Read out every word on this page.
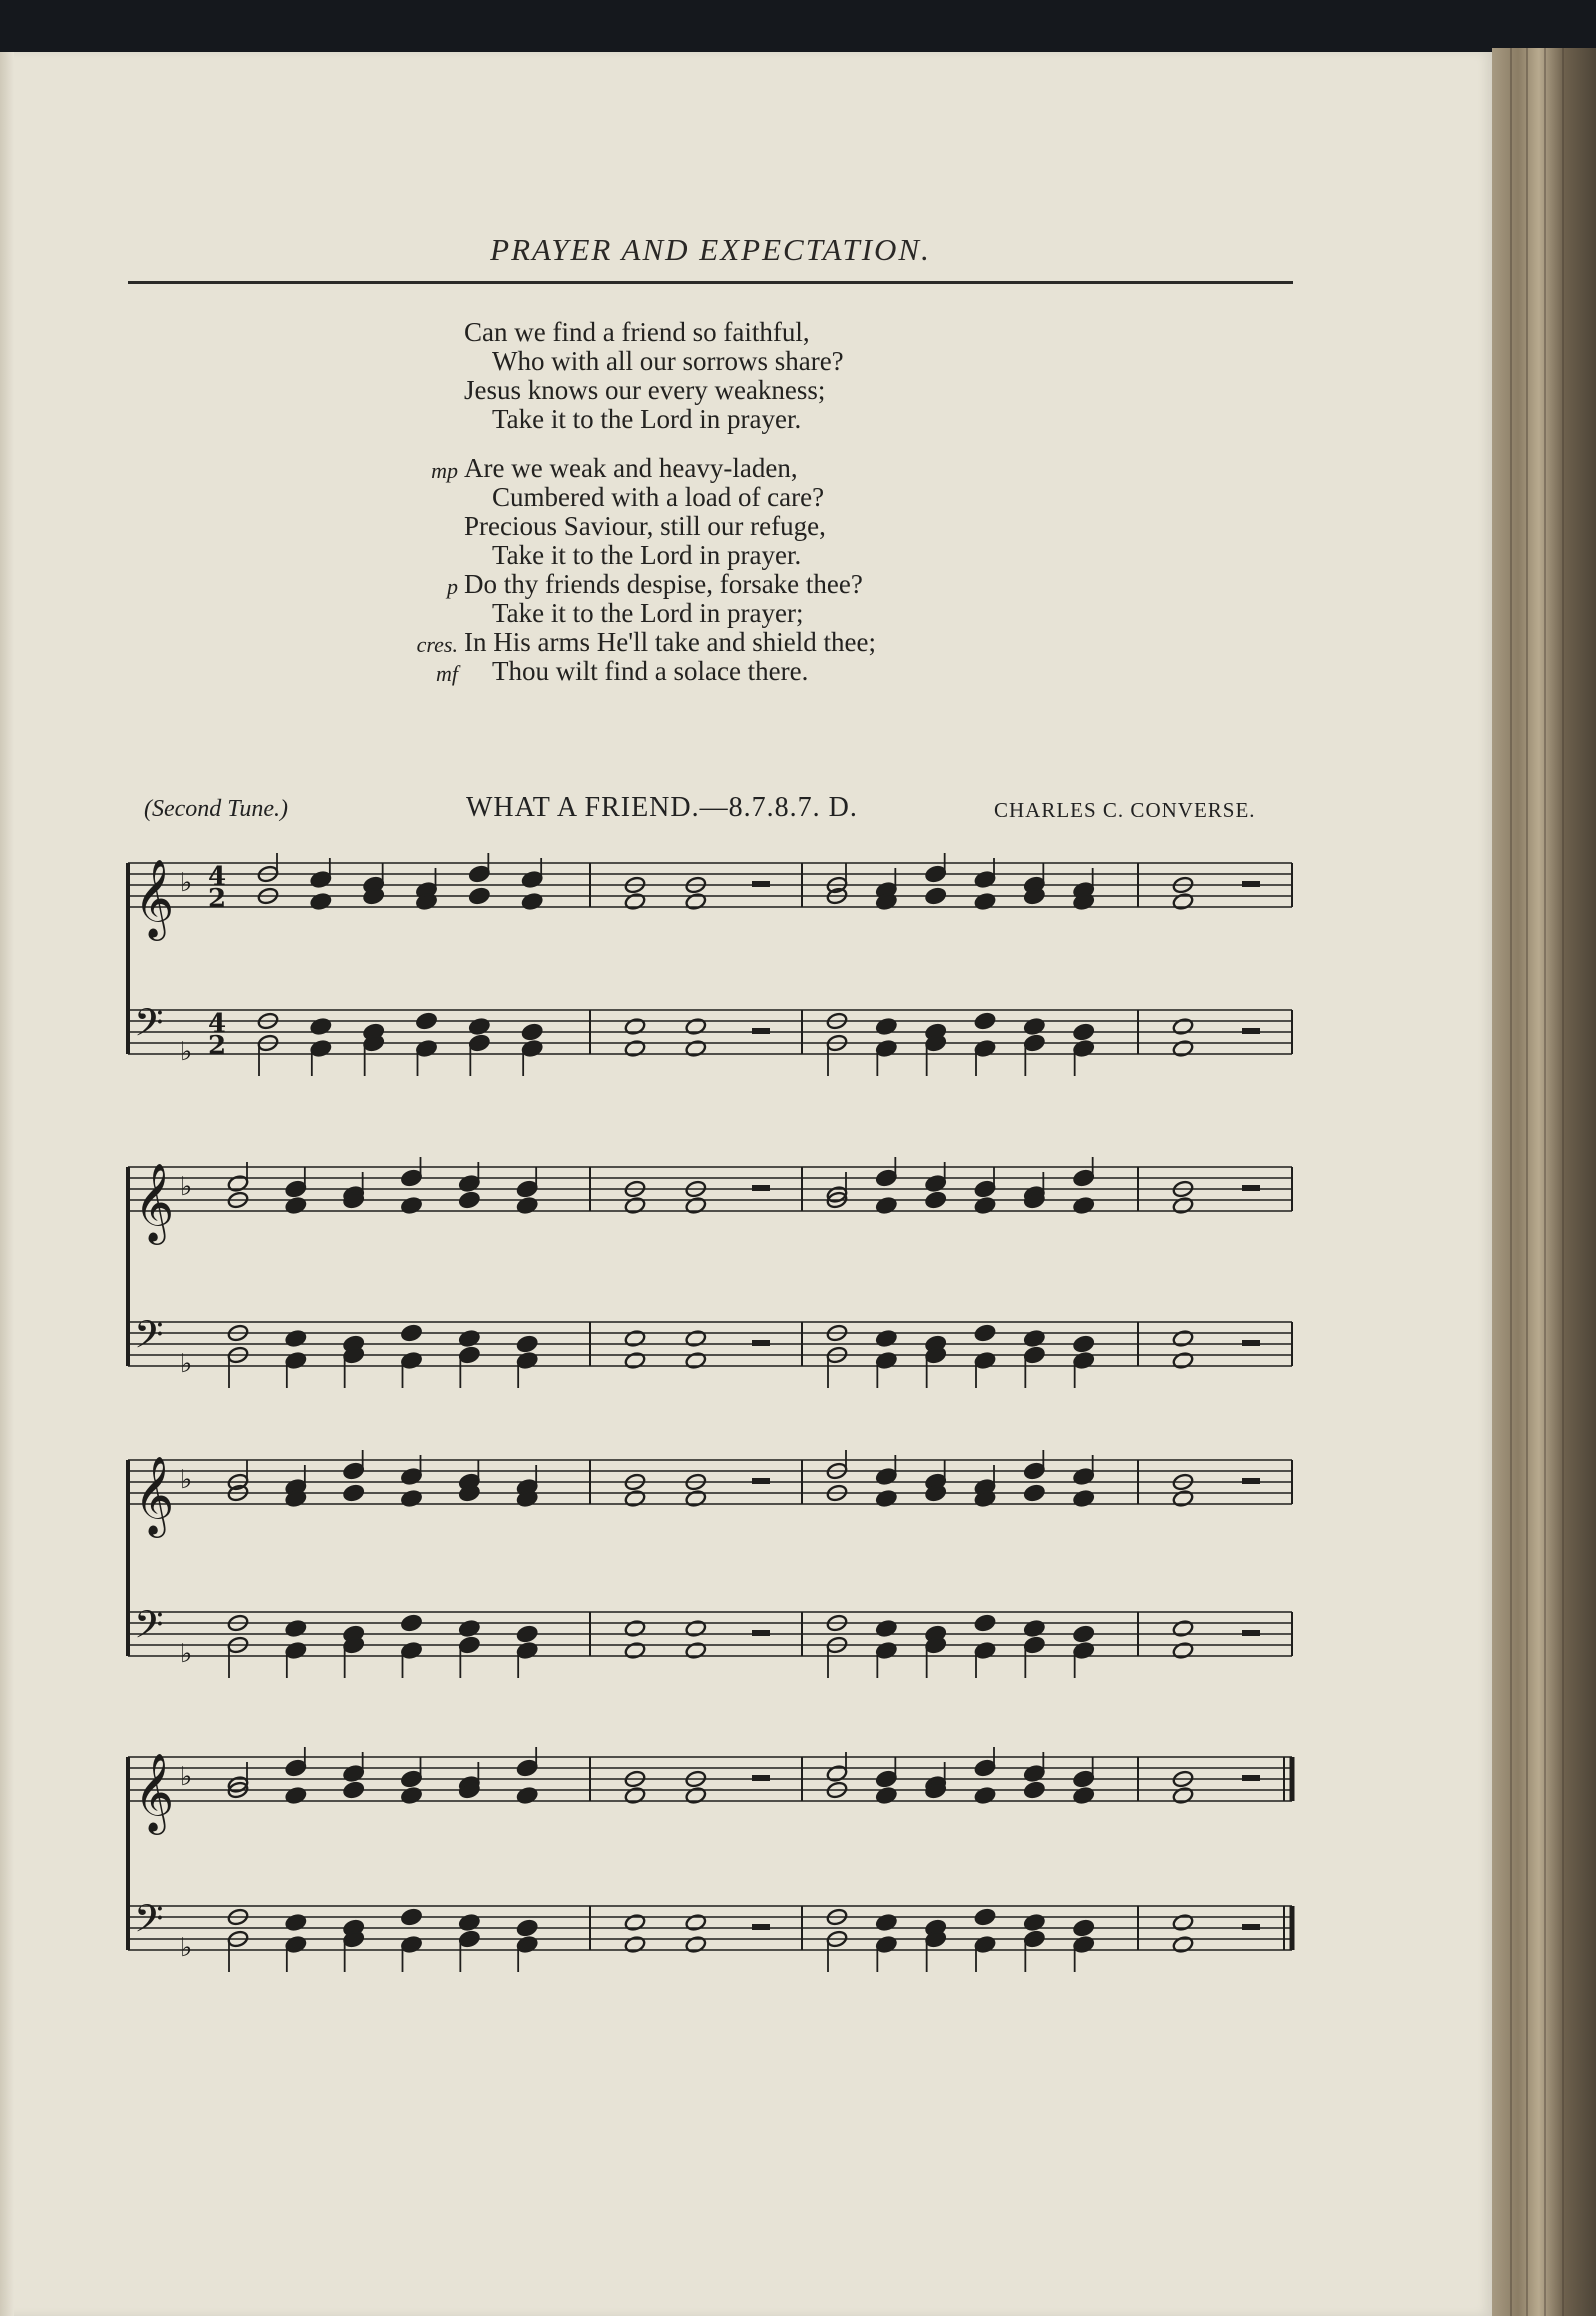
PRAYER AND EXPECTATION.
Can we find a friend so faithful,
Who with all our sorrows share?
Jesus knows our every weakness;
Take it to the Lord in prayer.
mp Are we weak and heavy-laden,
Cumbered with a load of care?
Precious Saviour, still our refuge,
Take it to the Lord in prayer.
p Do thy friends despise, forsake thee?
Take it to the Lord in prayer;
cres. In His arms He'll take and shield thee;
mf Thou wilt find a solace there.
(Second Tune.)	WHAT A FRIEND.—8.7.8.7. D.	CHARLES C. CONVERSE.
𝄞
𝄢
♭
♭
4
2
4
2
𝄞
𝄢
♭
♭
𝄞
𝄢
♭
♭
𝄞
𝄢
♭
♭
